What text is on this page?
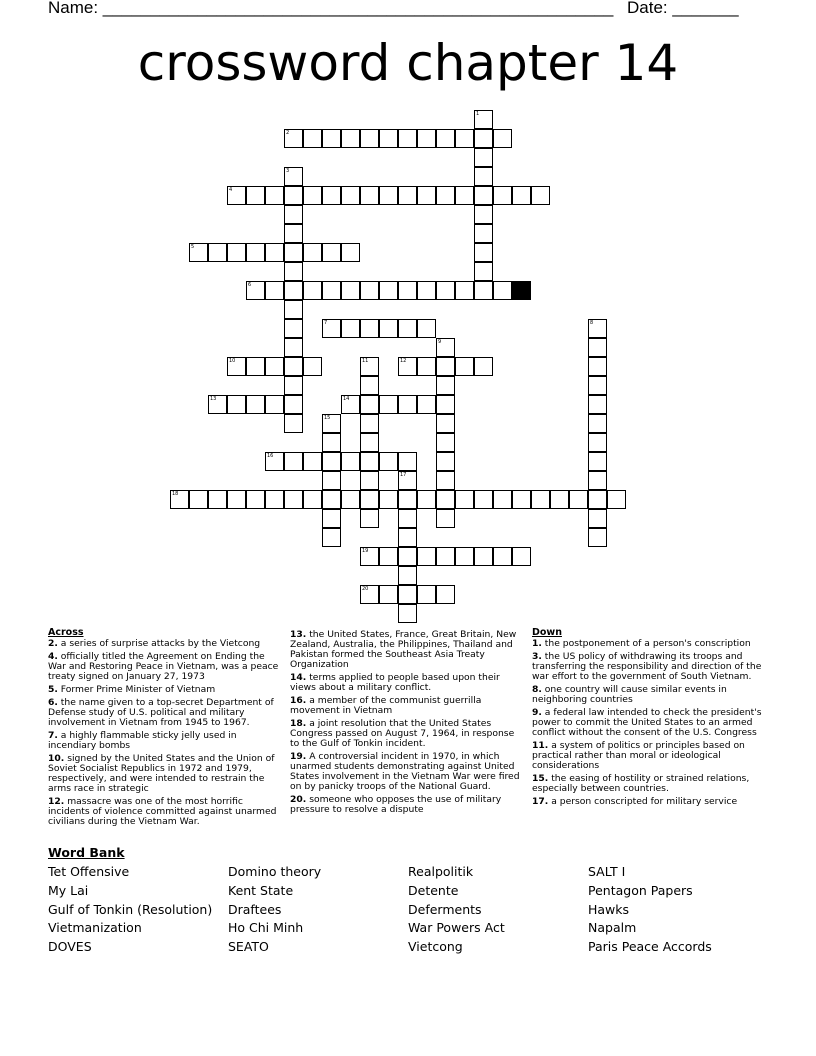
Name: ______________________________________________________ Date: _______
crossword chapter 14
1
2
3
4
5
6
7	8
9
10	11	12
13	14
15
16
17
18
19
20
Across
2. a series of surprise attacks by the Vietcong
4. officially titled the Agreement on Ending the War and Restoring Peace in Vietnam, was a peace treaty signed on January 27, 1973
5. Former Prime Minister of Vietnam
6. the name given to a top-secret Department of Defense study of U.S. political and military involvement in Vietnam from 1945 to 1967.
7. a highly flammable sticky jelly used in incendiary bombs
10. signed by the United States and the Union of Soviet Socialist Republics in 1972 and 1979, respectively, and were intended to restrain the arms race in strategic
12. massacre was one of the most horrific incidents of violence committed against unarmed civilians during the Vietnam War.
13. the United States, France, Great Britain, New Zealand, Australia, the Philippines, Thailand and Pakistan formed the Southeast Asia Treaty Organization
14. terms applied to people based upon their views about a military conflict.
16. a member of the communist guerrilla movement in Vietnam
18. a joint resolution that the United States Congress passed on August 7, 1964, in response to the Gulf of Tonkin incident.
19. A controversial incident in 1970, in which unarmed students demonstrating against United States involvement in the Vietnam War were fired on by panicky troops of the National Guard.
20. someone who opposes the use of military pressure to resolve a dispute
Down
1. the postponement of a person's conscription
3. the US policy of withdrawing its troops and transferring the responsibility and direction of the war effort to the government of South Vietnam.
8. one country will cause similar events in neighboring countries
9. a federal law intended to check the president's power to commit the United States to an armed conflict without the consent of the U.S. Congress
11. a system of politics or principles based on practical rather than moral or ideological considerations
15. the easing of hostility or strained relations, especially between countries.
17. a person conscripted for military service
Word Bank
Tet Offensive
My Lai
Gulf of Tonkin (Resolution)
Vietmanization
DOVES
Domino theory
Kent State
Draftees
Ho Chi Minh
SEATO
Realpolitik
Detente
Deferments
War Powers Act
Vietcong
SALT I
Pentagon Papers
Hawks
Napalm
Paris Peace Accords
